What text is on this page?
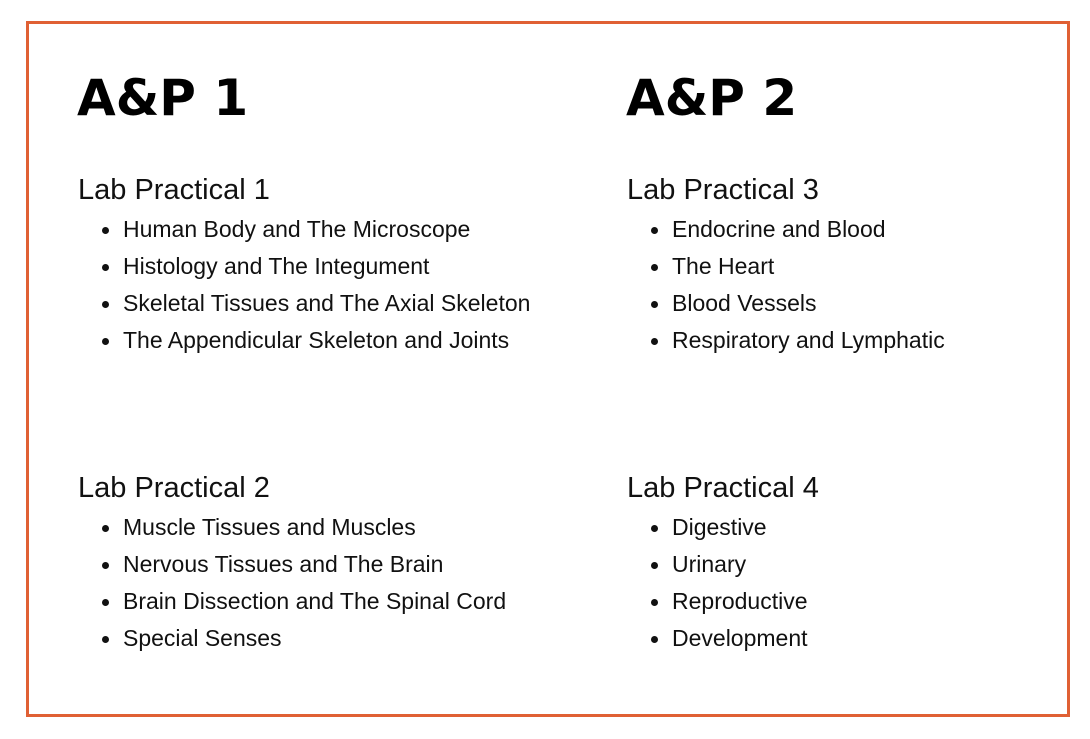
A&P 1
Lab Practical 1
Human Body and The Microscope
Histology and The Integument
Skeletal Tissues and The Axial Skeleton
The Appendicular Skeleton and Joints
Lab Practical 2
Muscle Tissues and Muscles
Nervous Tissues and The Brain
Brain Dissection and The Spinal Cord
Special Senses
A&P 2
Lab Practical 3
Endocrine and Blood
The Heart
Blood Vessels
Respiratory and Lymphatic
Lab Practical 4
Digestive
Urinary
Reproductive
Development
